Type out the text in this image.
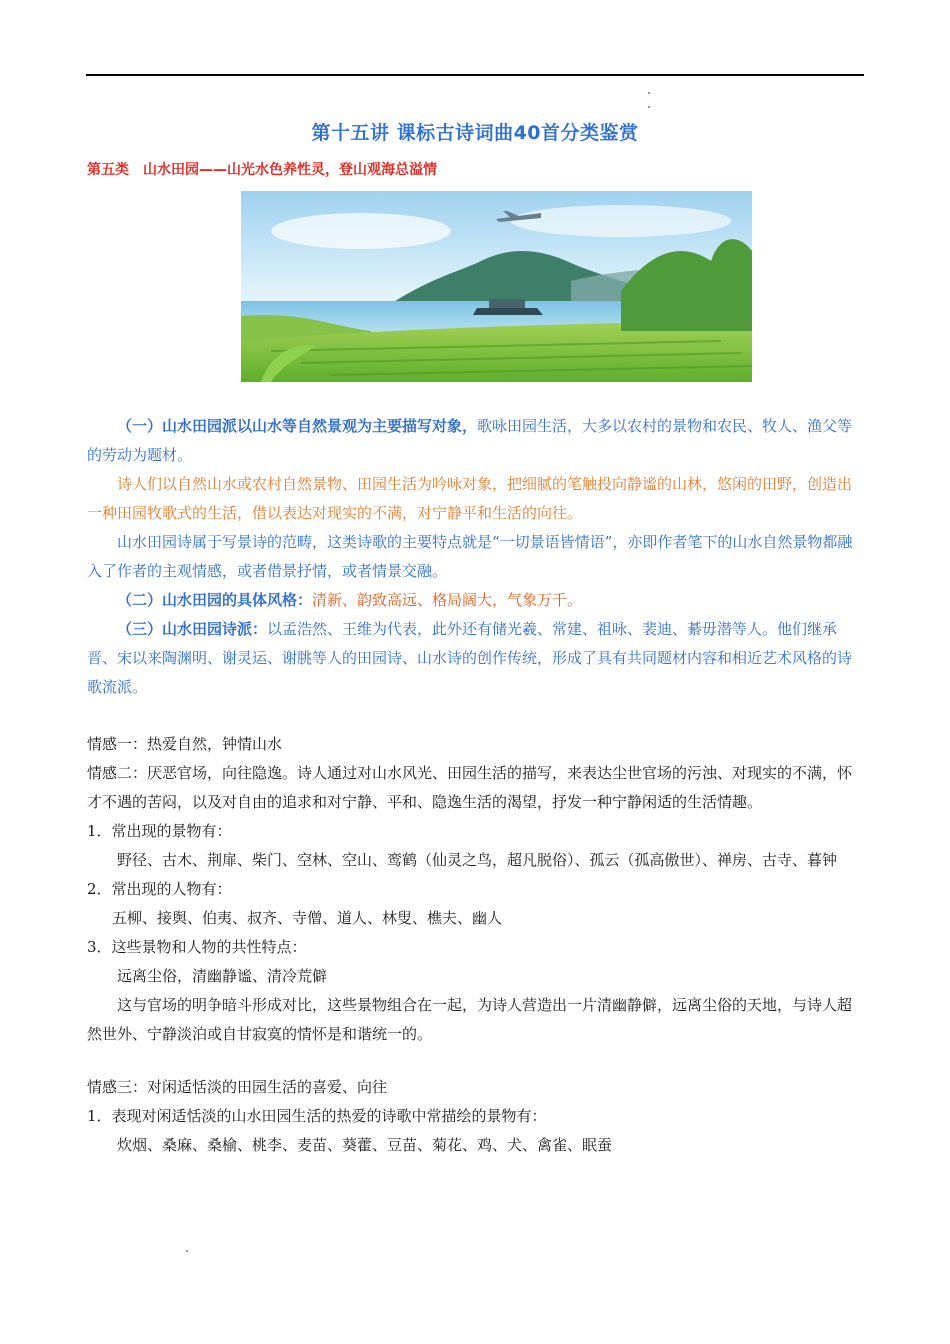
第十五讲 课标古诗词曲40首分类鉴赏
第五类　山水田园——山光水色养性灵，登山观海总溢情

（一）山水田园派以山水等自然景观为主要描写对象，歌咏田园生活，大多以农村的景物和农民、牧人、渔父等的劳动为题材。

诗人们以自然山水或农村自然景物、田园生活为吟咏对象，把细腻的笔触投向静谧的山林，悠闲的田野，创造出一种田园牧歌式的生活，借以表达对现实的不满，对宁静平和生活的向往。

山水田园诗属于写景诗的范畴，这类诗歌的主要特点就是“一切景语皆情语”，亦即作者笔下的山水自然景物都融入了作者的主观情感，或者借景抒情，或者情景交融。

（二）山水田园的具体风格：清新、韵致高远、格局阔大，气象万千。

（三）山水田园诗派：以孟浩然、王维为代表，此外还有储光羲、常建、祖咏、裴迪、綦毋潜等人。他们继承晋、宋以来陶渊明、谢灵运、谢朓等人的田园诗、山水诗的创作传统，形成了具有共同题材内容和相近艺术风格的诗歌流派。

情感一：热爱自然，钟情山水

情感二：厌恶官场，向往隐逸。诗人通过对山水风光、田园生活的描写，来表达尘世官场的污浊、对现实的不满，怀才不遇的苦闷，以及对自由的追求和对宁静、平和、隐逸生活的渴望，抒发一种宁静闲适的生活情趣。

1．常出现的景物有：

野径、古木、荆扉、柴门、空林、空山、鸾鹤（仙灵之鸟，超凡脱俗）、孤云（孤高傲世）、禅房、古寺、暮钟

2．常出现的人物有：

五柳、接舆、伯夷、叔齐、寺僧、道人、林叟、樵夫、幽人

3．这些景物和人物的共性特点：

远离尘俗，清幽静谧、清冷荒僻

这与官场的明争暗斗形成对比，这些景物组合在一起，为诗人营造出一片清幽静僻，远离尘俗的天地，与诗人超然世外、宁静淡泊或自甘寂寞的情怀是和谐统一的。

情感三：对闲适恬淡的田园生活的喜爱、向往

1．表现对闲适恬淡的山水田园生活的热爱的诗歌中常描绘的景物有：

炊烟、桑麻、桑榆、桃李、麦苗、葵藿、豆苗、菊花、鸡、犬、禽雀、眠蚕
